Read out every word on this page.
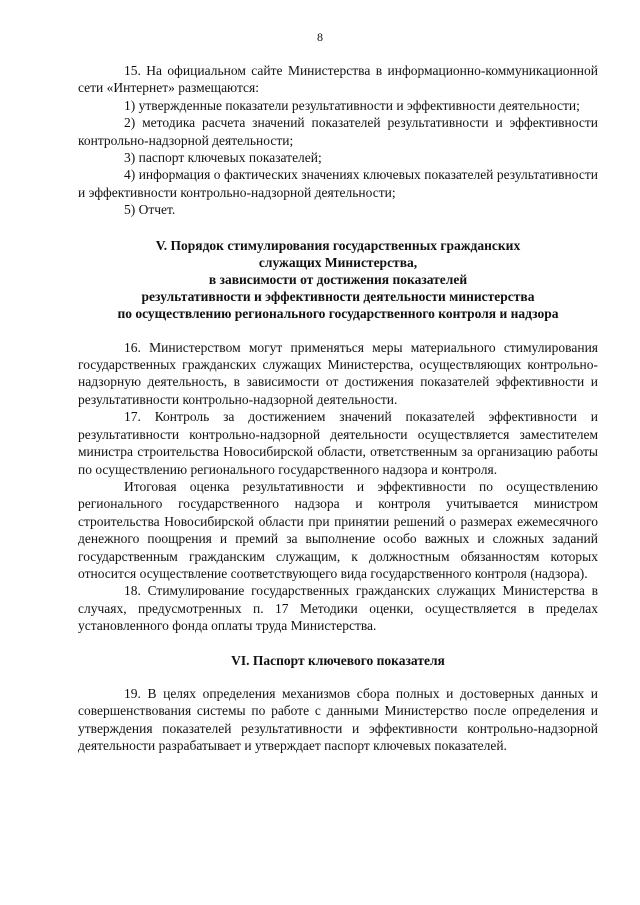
8

15. На официальном сайте Министерства в информационно-коммуникационной сети «Интернет» размещаются:

1) утвержденные показатели результативности и эффективности деятельности;

2) методика расчета значений показателей результативности и эффективности контрольно-надзорной деятельности;

3) паспорт ключевых показателей;

4) информация о фактических значениях ключевых показателей результативности и эффективности контрольно-надзорной деятельности;

5) Отчет.

V. Порядок стимулирования государственных гражданских
служащих Министерства,
в зависимости от достижения показателей
результативности и эффективности деятельности министерства
по осуществлению регионального государственного контроля и надзора

16. Министерством могут применяться меры материального стимулирования государственных гражданских служащих Министерства, осуществляющих контрольно-надзорную деятельность, в зависимости от достижения показателей эффективности и результативности контрольно-надзорной деятельности.

17. Контроль за достижением значений показателей эффективности и результативности контрольно-надзорной деятельности осуществляется заместителем министра строительства Новосибирской области, ответственным за организацию работы по осуществлению регионального государственного надзора и контроля.

Итоговая оценка результативности и эффективности по осуществлению регионального государственного надзора и контроля учитывается министром строительства Новосибирской области при принятии решений о размерах ежемесячного денежного поощрения и премий за выполнение особо важных и сложных заданий государственным гражданским служащим, к должностным обязанностям которых относится осуществление соответствующего вида государственного контроля (надзора).

18. Стимулирование государственных гражданских служащих Министерства в случаях, предусмотренных п. 17 Методики оценки, осуществляется в пределах установленного фонда оплаты труда Министерства.

VI. Паспорт ключевого показателя

19. В целях определения механизмов сбора полных и достоверных данных и совершенствования системы по работе с данными Министерство после определения и утверждения показателей результативности и эффективности контрольно-надзорной деятельности разрабатывает и утверждает паспорт ключевых показателей.
